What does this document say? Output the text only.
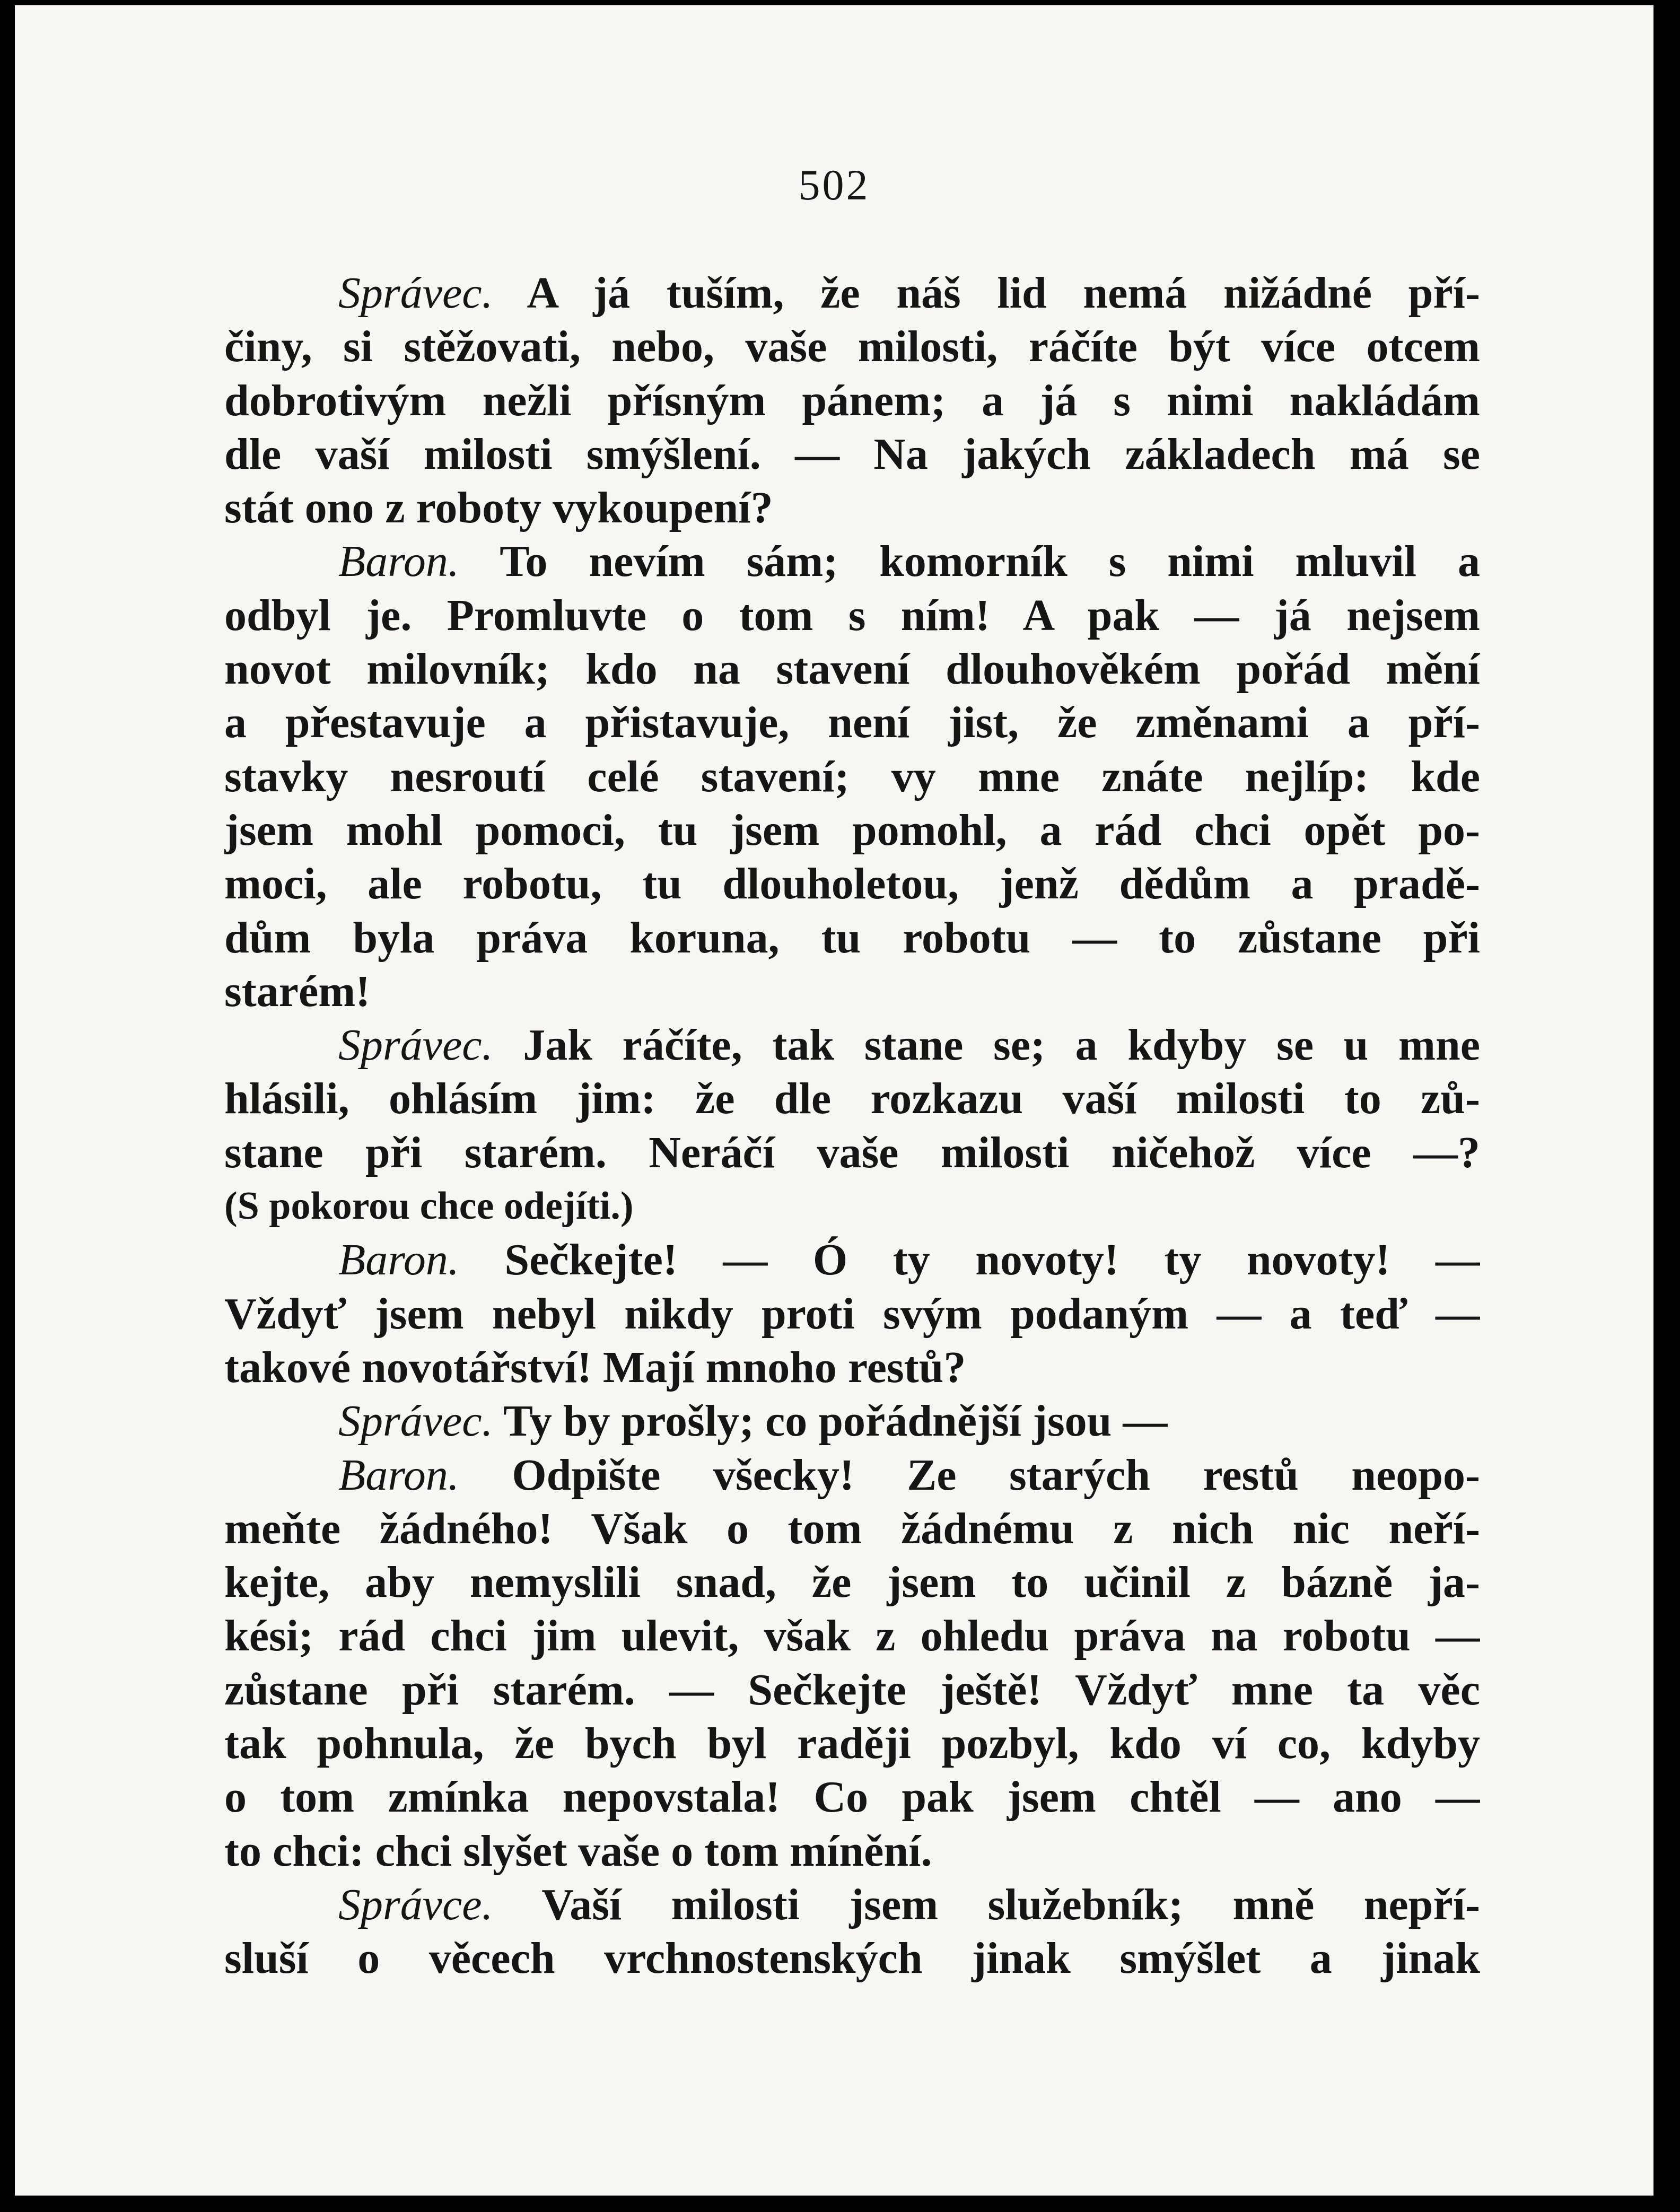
502
Správec. A já tuším, že náš lid nemá nižádné pří-
činy, si stěžovati, nebo, vaše milosti, ráčíte být více otcem
dobrotivým nežli přísným pánem; a já s nimi nakládám
dle vaší milosti smýšlení. — Na jakých základech má se
stát ono z roboty vykoupení?
Baron. To nevím sám; komorník s nimi mluvil a
odbyl je. Promluvte o tom s ním! A pak — já nejsem
novot milovník; kdo na stavení dlouhověkém pořád mění
a přestavuje a přistavuje, není jist, že změnami a pří-
stavky nesroutí celé stavení; vy mne znáte nejlíp: kde
jsem mohl pomoci, tu jsem pomohl, a rád chci opět po-
moci, ale robotu, tu dlouholetou, jenž dědům a pradě-
dům byla práva koruna, tu robotu — to zůstane při
starém!
Správec. Jak ráčíte, tak stane se; a kdyby se u mne
hlásili, ohlásím jim: že dle rozkazu vaší milosti to zů-
stane při starém. Neráčí vaše milosti ničehož více —?
(S pokorou chce odejíti.)
Baron. Sečkejte! — Ó ty novoty! ty novoty! —
Vždyť jsem nebyl nikdy proti svým podaným — a teď —
takové novotářství! Mají mnoho restů?
Správec. Ty by prošly; co pořádnější jsou —
Baron. Odpište všecky! Ze starých restů neopo-
meňte žádného! Však o tom žádnému z nich nic neří-
kejte, aby nemyslili snad, že jsem to učinil z bázně ja-
kési; rád chci jim ulevit, však z ohledu práva na robotu —
zůstane při starém. — Sečkejte ještě! Vždyť mne ta věc
tak pohnula, že bych byl raději pozbyl, kdo ví co, kdyby
o tom zmínka nepovstala! Co pak jsem chtěl — ano —
to chci: chci slyšet vaše o tom mínění.
Správce. Vaší milosti jsem služebník; mně nepří-
sluší o věcech vrchnostenských jinak smýšlet a jinak
